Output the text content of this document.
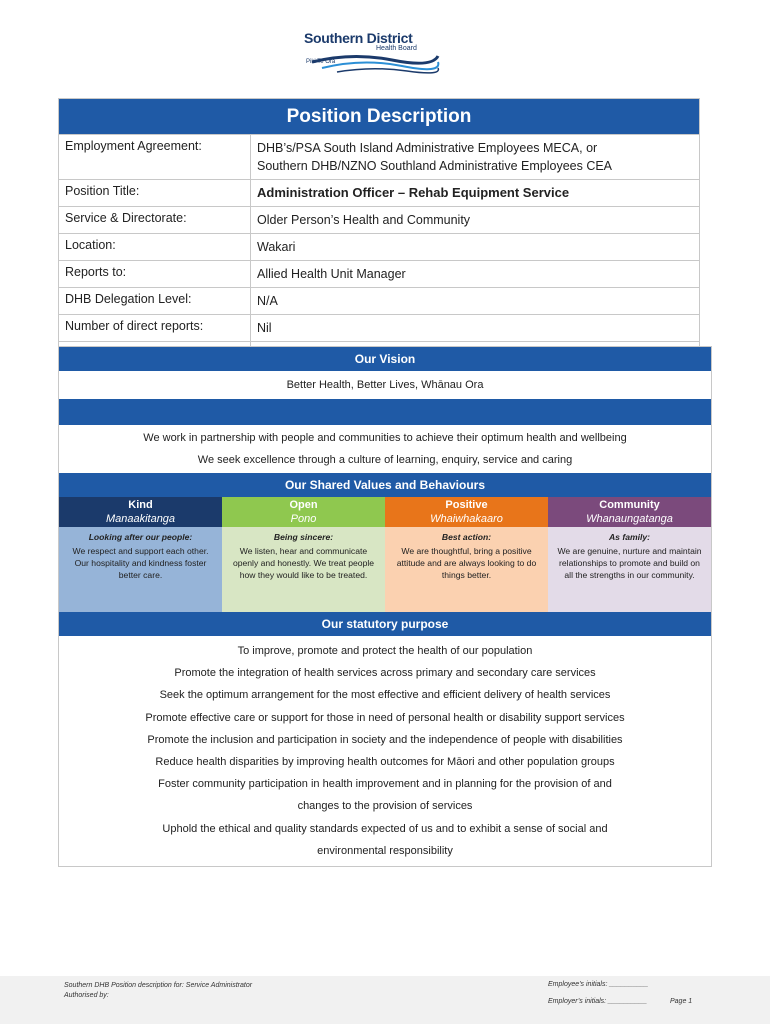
Southern District
Health Board
Piki Te Ora
Position Description
Employment Agreement:	DHB’s/PSA South Island Administrative Employees MECA, or
Southern DHB/NZNO Southland Administrative Employees CEA
Position Title:	Administration Officer – Rehab Equipment Service
Service & Directorate:	Older Person’s Health and Community
Location:	Wakari
Reports to:	Allied Health Unit Manager
DHB Delegation Level:	N/A
Number of direct reports:	Nil
Our Vision
Better Health, Better Lives, Whānau Ora
We work in partnership with people and communities to achieve their optimum health and wellbeing
We seek excellence through a culture of learning, enquiry, service and caring
Our Shared Values and Behaviours
Kind
Manaakitanga
Looking after our people:
We respect and support each other. Our hospitality and kindness foster better care.
Open
Pono
Being sincere:
We listen, hear and communicate openly and honestly. We treat people how they would like to be treated.
Positive
Whaiwhakaaro
Best action:
We are thoughtful, bring a positive attitude and are always looking to do things better.
Community
Whanaungatanga
As family:
We are genuine, nurture and maintain relationships to promote and build on all the strengths in our community.
Our statutory purpose
To improve, promote and protect the health of our population
Promote the integration of health services across primary and secondary care services
Seek the optimum arrangement for the most effective and efficient delivery of health services
Promote effective care or support for those in need of personal health or disability support services
Promote the inclusion and participation in society and the independence of people with disabilities
Reduce health disparities by improving health outcomes for Māori and other population groups
Foster community participation in health improvement and in planning for the provision of and
changes to the provision of services
Uphold the ethical and quality standards expected of us and to exhibit a sense of social and
environmental responsibility
Southern DHB Position description for: Service Administrator
Authorised by:
Employee’s initials: __________
Employer’s initials: __________	Page 1
